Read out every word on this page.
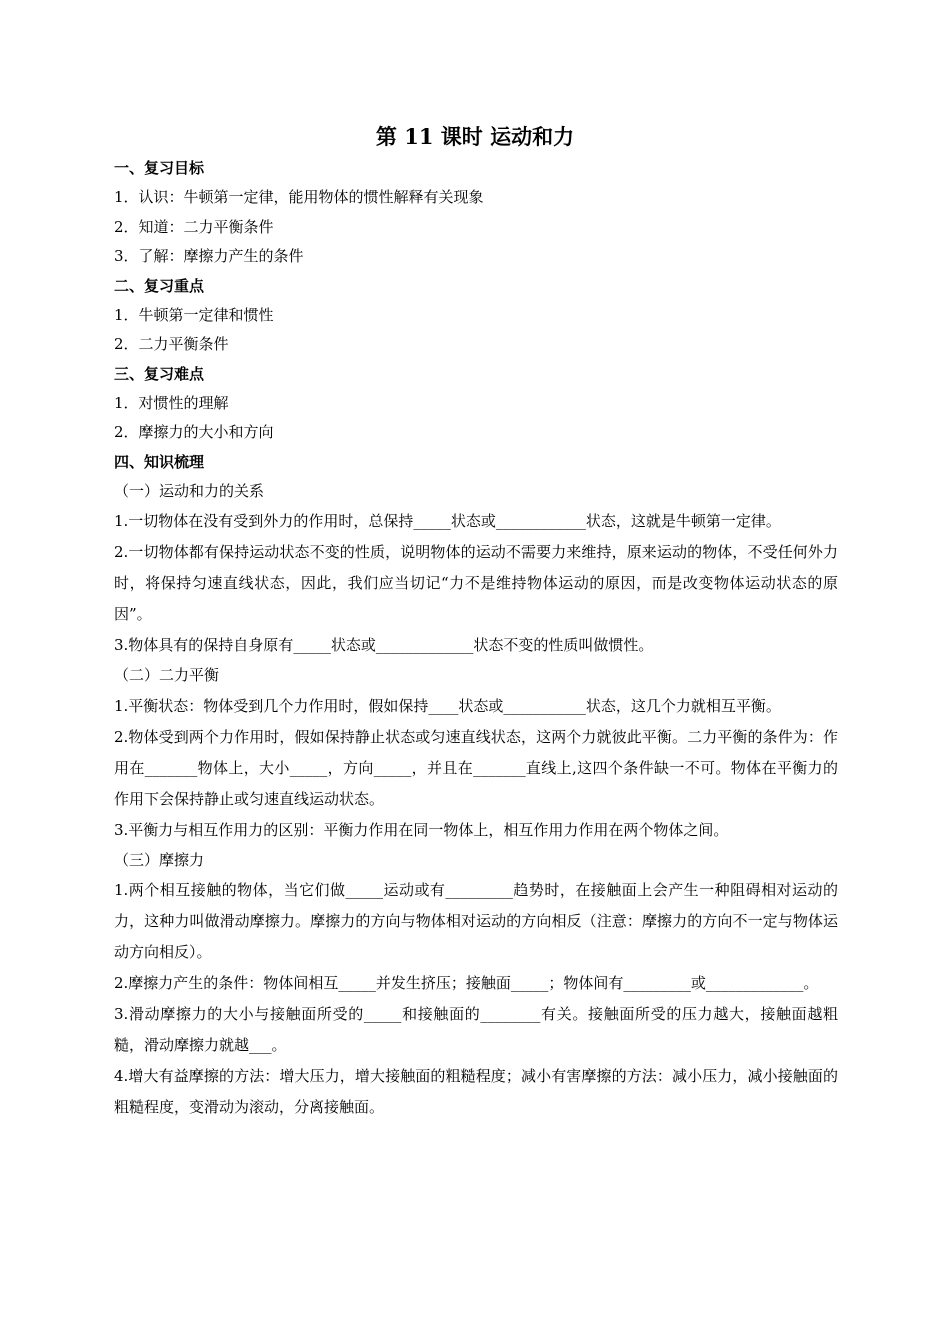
第 11 课时 运动和力
一、复习目标
1．认识：牛顿第一定律，能用物体的惯性解释有关现象
2．知道：二力平衡条件
3．了解：摩擦力产生的条件
二、复习重点
1．牛顿第一定律和惯性
2．二力平衡条件
三、复习难点
1．对惯性的理解
2．摩擦力的大小和方向
四、知识梳理
（一）运动和力的关系
1.一切物体在没有受到外力的作用时，总保持_____状态或____________状态，这就是牛顿第一定律。
2.一切物体都有保持运动状态不变的性质，说明物体的运动不需要力来维持，原来运动的物体，不受任何外力时，将保持匀速直线状态，因此，我们应当切记“力不是维持物体运动的原因，而是改变物体运动状态的原因”。
3.物体具有的保持自身原有_____状态或_____________状态不变的性质叫做惯性。
（二）二力平衡
1.平衡状态：物体受到几个力作用时，假如保持____状态或___________状态，这几个力就相互平衡。
2.物体受到两个力作用时，假如保持静止状态或匀速直线状态，这两个力就彼此平衡。二力平衡的条件为：作用在_______物体上，大小_____，方向_____，并且在_______直线上,这四个条件缺一不可。物体在平衡力的作用下会保持静止或匀速直线运动状态。
3.平衡力与相互作用力的区别：平衡力作用在同一物体上，相互作用力作用在两个物体之间。
（三）摩擦力
1.两个相互接触的物体，当它们做_____运动或有_________趋势时，在接触面上会产生一种阻碍相对运动的力，这种力叫做滑动摩擦力。摩擦力的方向与物体相对运动的方向相反（注意：摩擦力的方向不一定与物体运动方向相反）。
2.摩擦力产生的条件：物体间相互_____并发生挤压；接触面_____；物体间有_________或_____________。
3.滑动摩擦力的大小与接触面所受的_____和接触面的________有关。接触面所受的压力越大，接触面越粗糙，滑动摩擦力就越___。
4.增大有益摩擦的方法：增大压力，增大接触面的粗糙程度；减小有害摩擦的方法：减小压力，减小接触面的粗糙程度，变滑动为滚动，分离接触面。
